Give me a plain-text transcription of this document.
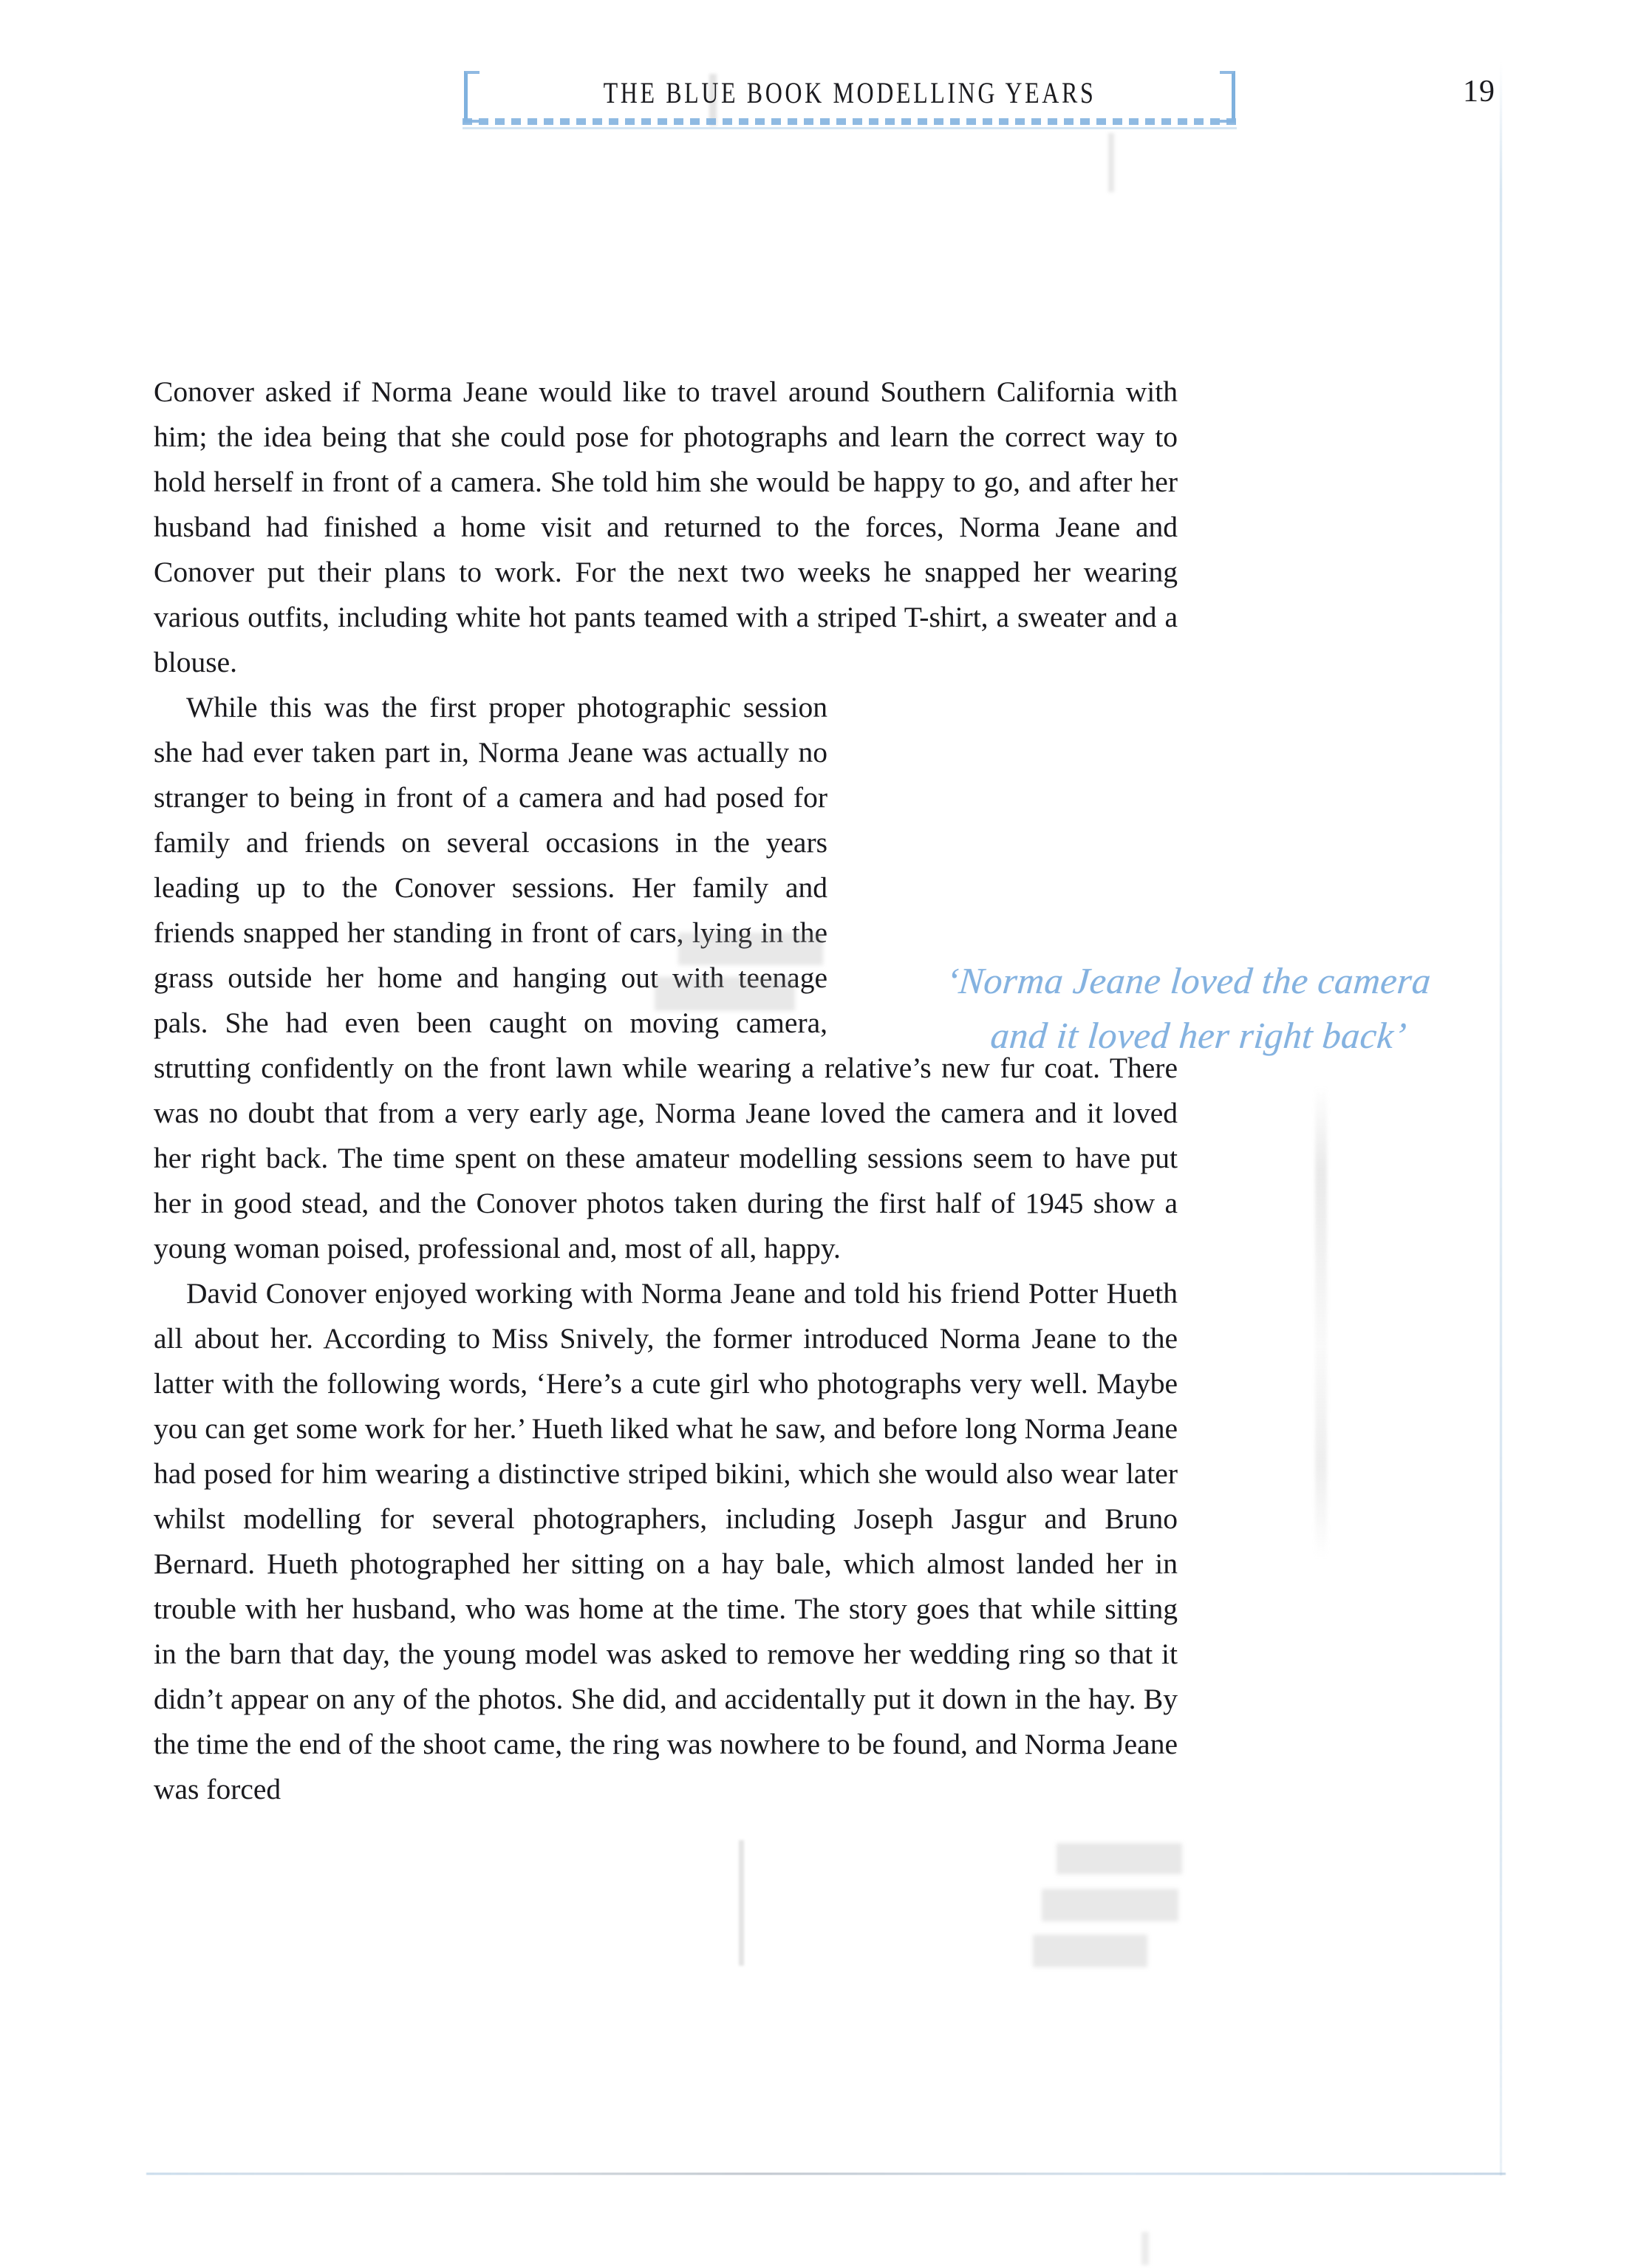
THE BLUE BOOK MODELLING YEARS	19

Conover asked if Norma Jeane would like to travel around Southern California with him; the idea being that she could pose for photographs and learn the correct way to hold herself in front of a camera. She told him she would be happy to go, and after her husband had finished a home visit and returned to the forces, Norma Jeane and Conover put their plans to work. For the next two weeks he snapped her wearing various outfits, including white hot pants teamed with a striped T-shirt, a sweater and a blouse.

While this was the first proper photographic session she had ever taken part in, Norma Jeane was actually no stranger to being in front of a camera and had posed for family and friends on several occasions in the years leading up to the Conover sessions. Her family and friends snapped her standing in front of cars, lying in the grass outside her home and hanging out with teenage pals. She had even been caught on moving camera, strutting confidently on the front lawn while wearing a relative’s new fur coat. There was no doubt that from a very early age, Norma Jeane loved the camera and it loved her right back. The time spent on these amateur modelling sessions seem to have put her in good stead, and the Conover photos taken during the first half of 1945 show a young woman poised, professional and, most of all, happy.

David Conover enjoyed working with Norma Jeane and told his friend Potter Hueth all about her. According to Miss Snively, the former introduced Norma Jeane to the latter with the following words, ‘Here’s a cute girl who photographs very well. Maybe you can get some work for her.’ Hueth liked what he saw, and before long Norma Jeane had posed for him wearing a distinctive striped bikini, which she would also wear later whilst modelling for several photographers, including Joseph Jasgur and Bruno Bernard. Hueth photographed her sitting on a hay bale, which almost landed her in trouble with her husband, who was home at the time. The story goes that while sitting in the barn that day, the young model was asked to remove her wedding ring so that it didn’t appear on any of the photos. She did, and accidentally put it down in the hay. By the time the end of the shoot came, the ring was nowhere to be found, and Norma Jeane was forced

‘Norma Jeane loved the camera
and it loved her right back’
